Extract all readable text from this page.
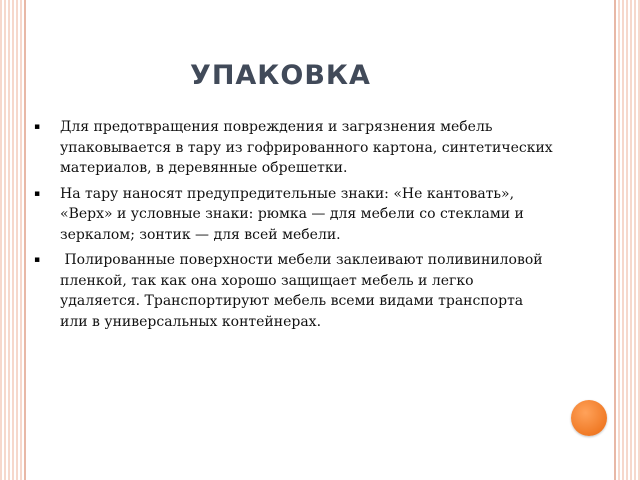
УПАКОВКА
▪ Для предотвращения повреждения и загрязнения мебель упаковывается в тару из гофрированного картона, синтетических материалов, в деревянные обрешетки.
▪ На тару наносят предупредительные знаки: «Не кантовать», «Верх» и условные знаки: рюмка — для мебели со стеклами и зеркалом; зонтик — для всей мебели.
▪ Полированные поверхности мебели заклеивают поливиниловой пленкой, так как она хорошо защищает мебель и легко удаляется. Транспортируют мебель всеми видами транспорта или в универсальных контейнерах.
